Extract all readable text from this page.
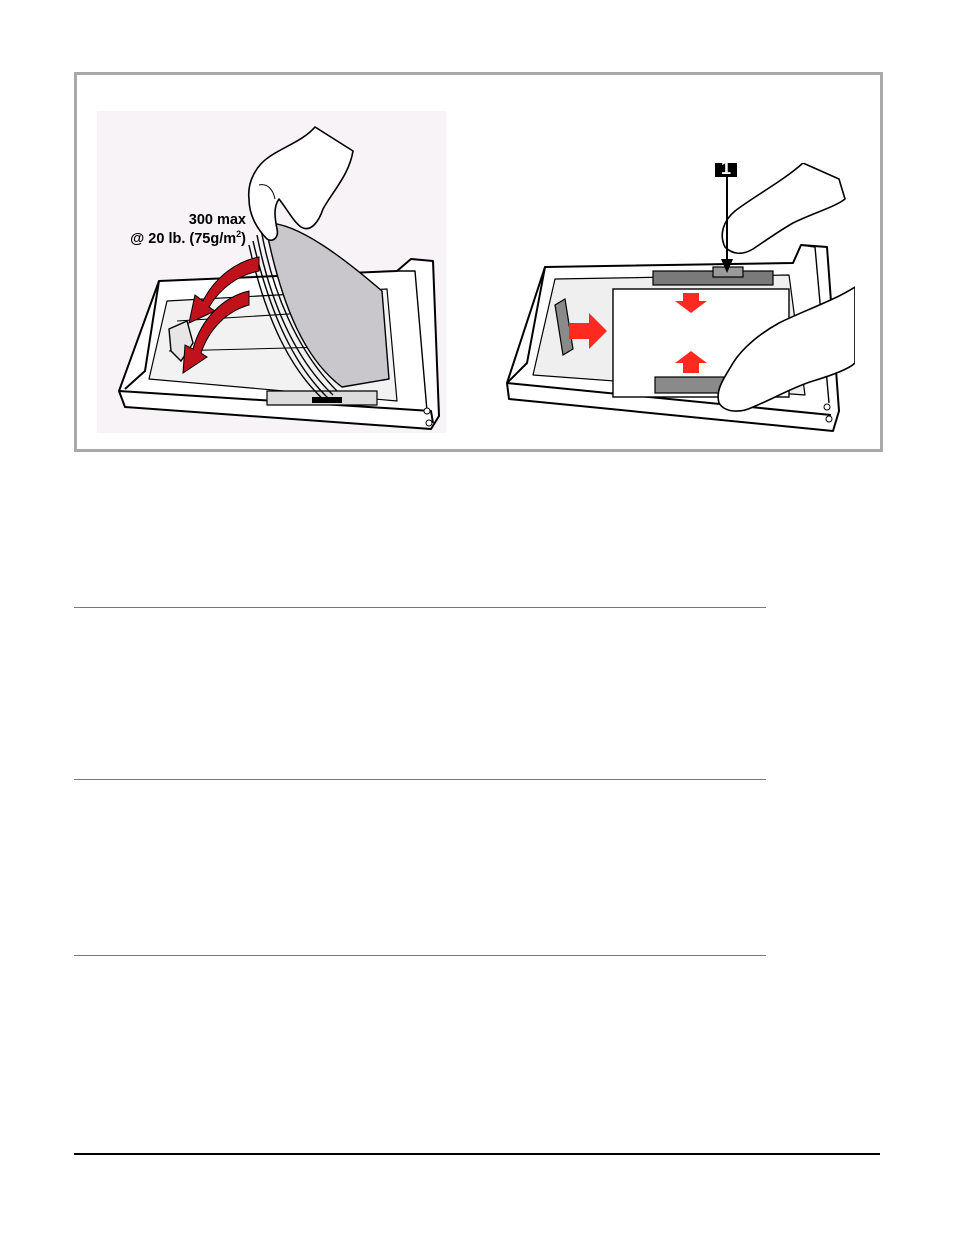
300 max
@ 20 lb. $(75g/m^2)$
1
